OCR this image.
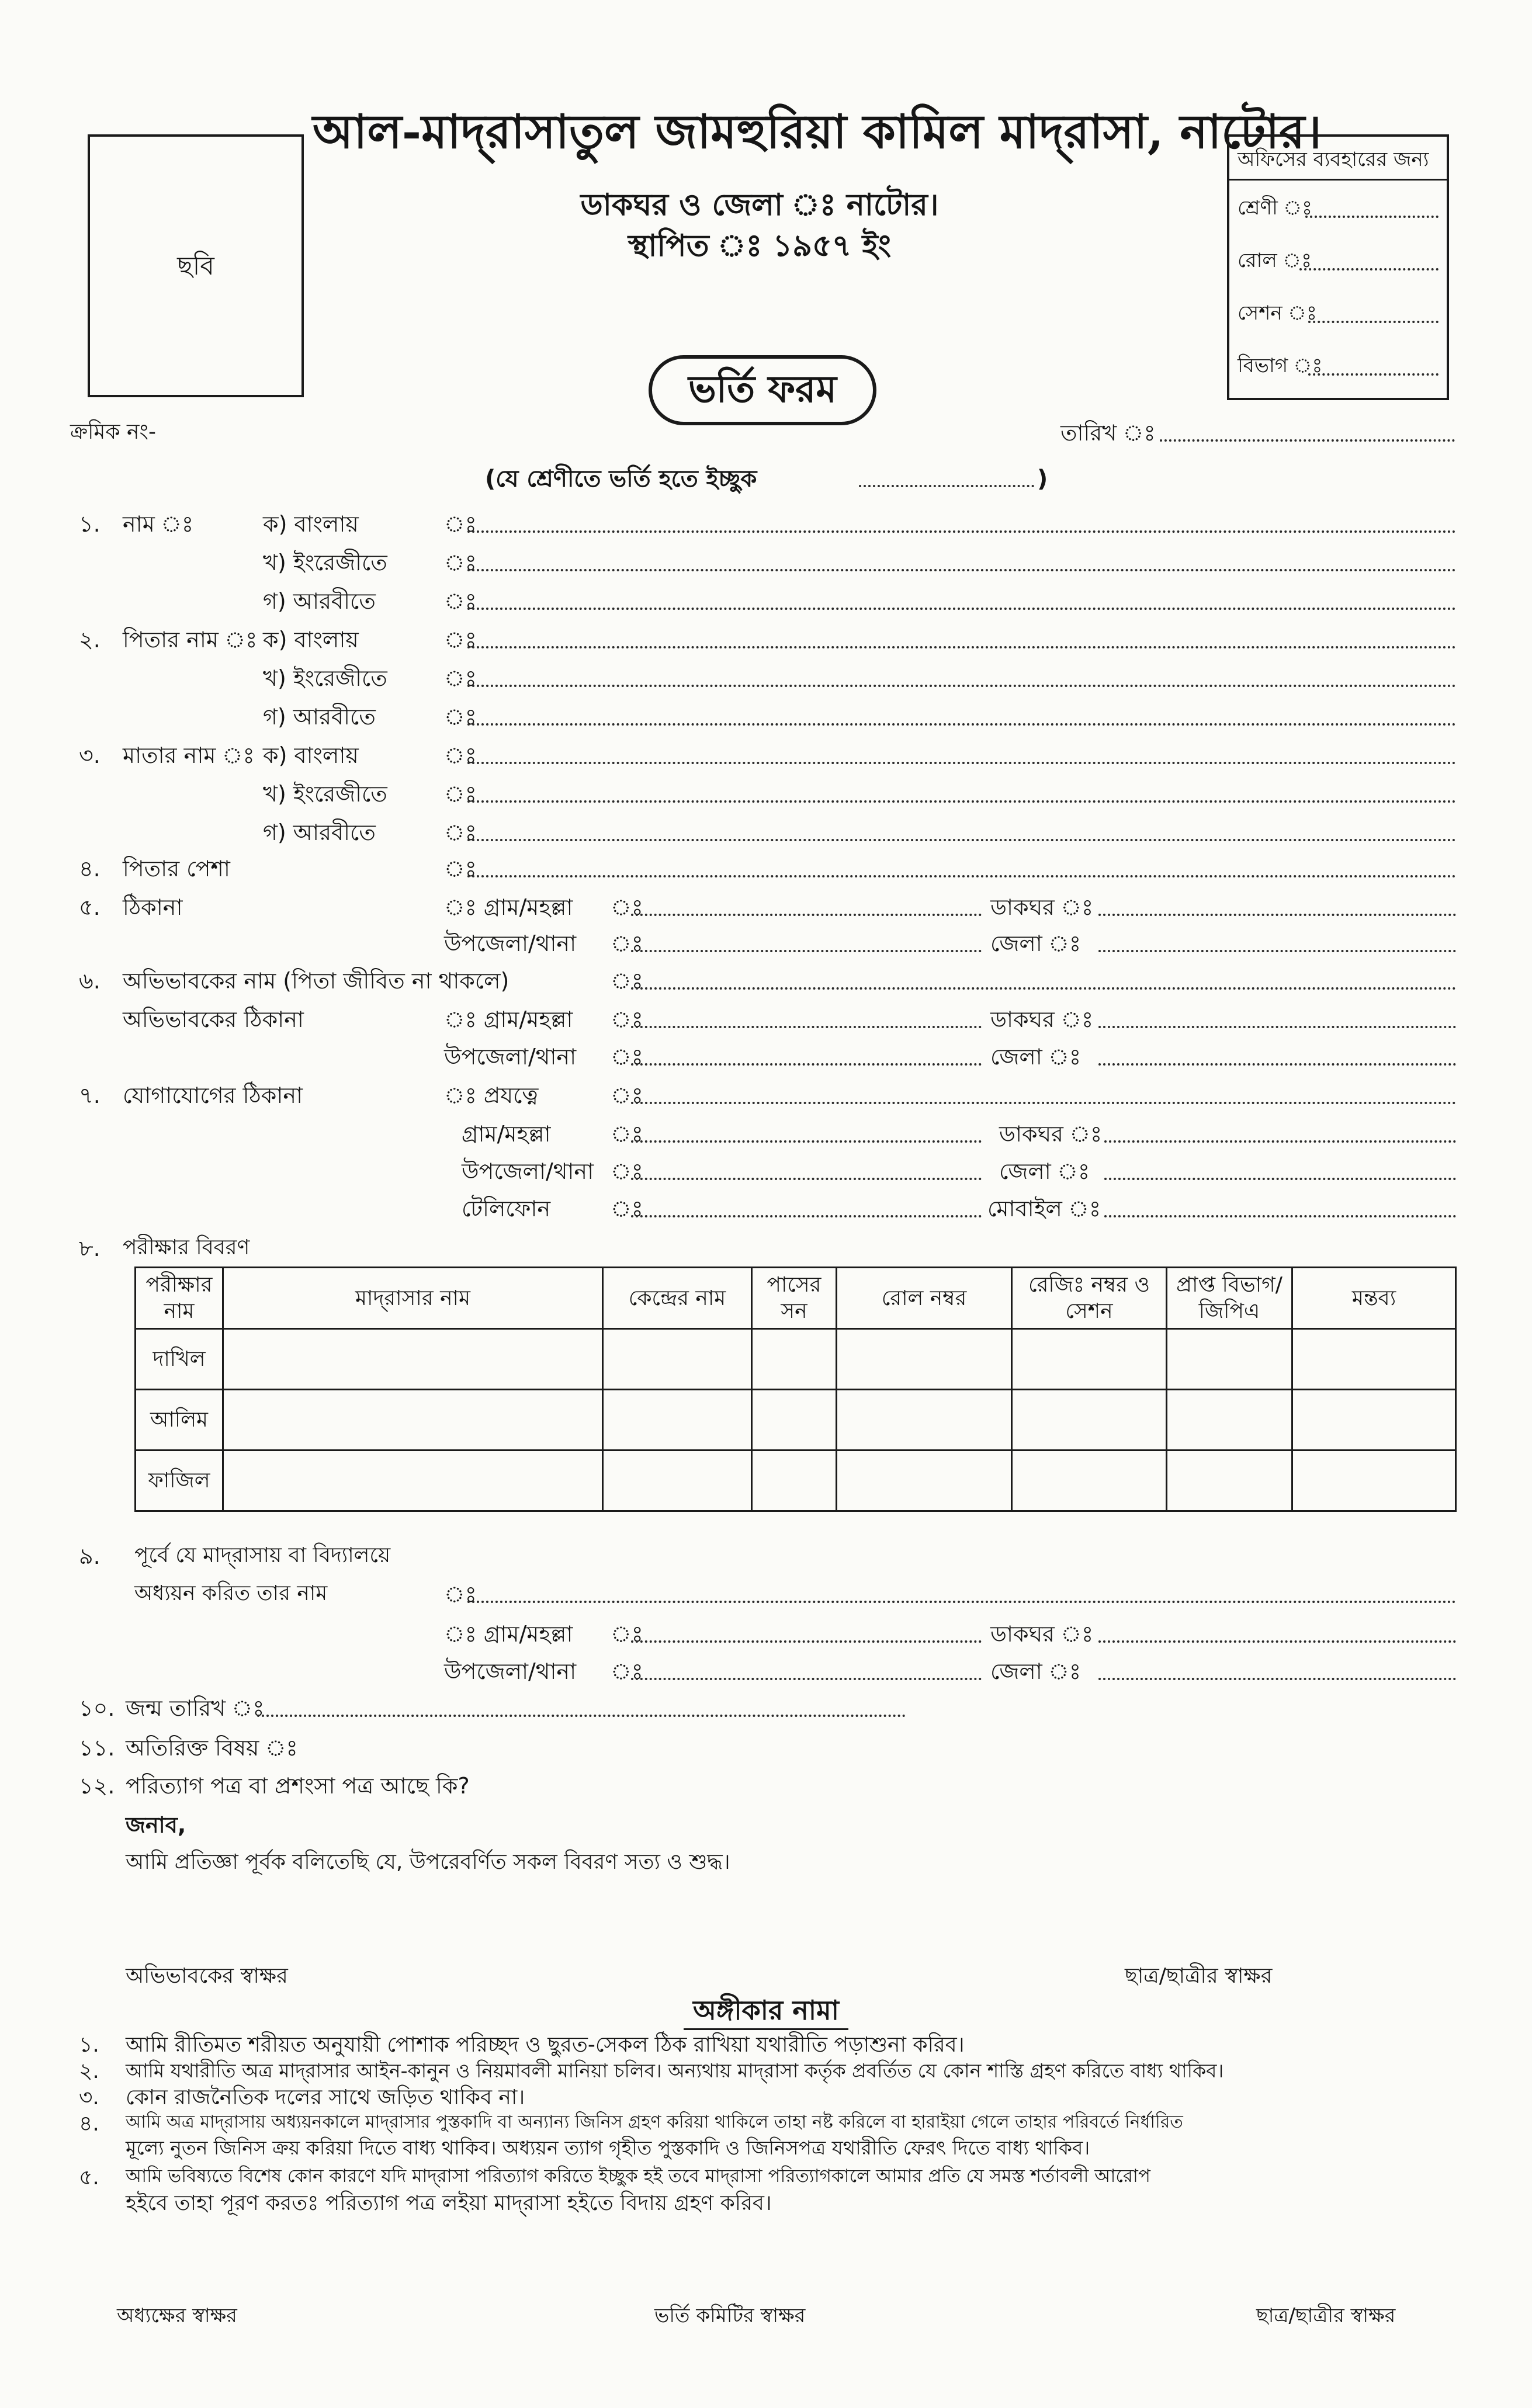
ছবি
আল-মাদ্‌রাসাতুল জামহুরিয়া কামিল মাদ্‌রাসা, নাটোর।
ডাকঘর ও জেলা ঃ নাটোর।
স্থাপিত ঃ ১৯৫৭ ইং
অফিসের ব্যবহারের জন্য
শ্রেণী ঃ
রোল ঃ
সেশন ঃ
বিভাগ ঃ
ভর্তি ফরম
ক্রমিক নং-	তারিখ ঃ
(যে শ্রেণীতে ভর্তি হতে ইচ্ছুক	)
১. নাম ঃ	ক) বাংলায়	ঃ
খ) ইংরেজীতে	ঃ
গ) আরবীতে	ঃ
২. পিতার নাম ঃ ক) বাংলায়	ঃ
খ) ইংরেজীতে	ঃ
গ) আরবীতে	ঃ
৩. মাতার নাম ঃ ক) বাংলায়	ঃ
খ) ইংরেজীতে	ঃ
গ) আরবীতে	ঃ
৪. পিতার পেশা	ঃ
৫. ঠিকানা	ঃ গ্রাম/মহল্লা ঃ	ডাকঘর ঃ
উপজেলা/থানা ঃ	জেলা ঃ
৬. অভিভাবকের নাম (পিতা জীবিত না থাকলে)	ঃ
অভিভাবকের ঠিকানা	ঃ গ্রাম/মহল্লা ঃ	ডাকঘর ঃ
উপজেলা/থানা ঃ	জেলা ঃ
৭. যোগাযোগের ঠিকানা	ঃ প্রযত্নে	ঃ
গ্রাম/মহল্লা	ঃ	ডাকঘর ঃ
উপজেলা/থানা ঃ	জেলা ঃ
টেলিফোন	ঃ	মোবাইল ঃ
৮. পরীক্ষার বিবরণ
পরীক্ষার নাম	মাদ্‌রাসার নাম	কেন্দ্রের নাম	পাসের সন	রোল নম্বর	রেজিঃ নম্বর ও সেশন	প্রাপ্ত বিভাগ/ জিপিএ	মন্তব্য
দাখিল							
আলিম							
ফাজিল							
৯. পূর্বে যে মাদ্‌রাসায় বা বিদ্যালয়ে
অধ্যয়ন করিত তার নাম	ঃ
ঃ গ্রাম/মহল্লা ঃ	ডাকঘর ঃ
উপজেলা/থানা ঃ	জেলা ঃ
১০. জন্ম তারিখ ঃ
১১. অতিরিক্ত বিষয় ঃ
১২. পরিত্যাগ পত্র বা প্রশংসা পত্র আছে কি?
জনাব,
আমি প্রতিজ্ঞা পূর্বক বলিতেছি যে, উপরেবর্ণিত সকল বিবরণ সত্য ও শুদ্ধ।
অভিভাবকের স্বাক্ষর	ছাত্র/ছাত্রীর স্বাক্ষর
অঙ্গীকার নামা
১. আমি রীতিমত শরীয়ত অনুযায়ী পোশাক পরিচ্ছদ ও ছুরত-সেকল ঠিক রাখিয়া যথারীতি পড়াশুনা করিব।
২. আমি যথারীতি অত্র মাদ্‌রাসার আইন-কানুন ও নিয়মাবলী মানিয়া চলিব। অন্যথায় মাদ্‌রাসা কর্তৃক প্রবর্তিত যে কোন শাস্তি গ্রহণ করিতে বাধ্য থাকিব।
৩. কোন রাজনৈতিক দলের সাথে জড়িত থাকিব না।
৪. আমি অত্র মাদ্‌রাসায় অধ্যয়নকালে মাদ্‌রাসার পুস্তকাদি বা অন্যান্য জিনিস গ্রহণ করিয়া থাকিলে তাহা নষ্ট করিলে বা হারাইয়া গেলে তাহার পরিবর্তে নির্ধারিত
মূল্যে নুতন জিনিস ক্রয় করিয়া দিতে বাধ্য থাকিব। অধ্যয়ন ত্যাগ গৃহীত পুস্তকাদি ও জিনিসপত্র যথারীতি ফেরৎ দিতে বাধ্য থাকিব।
৫. আমি ভবিষ্যতে বিশেষ কোন কারণে যদি মাদ্‌রাসা পরিত্যাগ করিতে ইচ্ছুক হই তবে মাদ্‌রাসা পরিত্যাগকালে আমার প্রতি যে সমস্ত শর্তাবলী আরোপ
হইবে তাহা পূরণ করতঃ পরিত্যাগ পত্র লইয়া মাদ্‌রাসা হইতে বিদায় গ্রহণ করিব।
অধ্যক্ষের স্বাক্ষর	ভর্তি কমিটির স্বাক্ষর	ছাত্র/ছাত্রীর স্বাক্ষর
